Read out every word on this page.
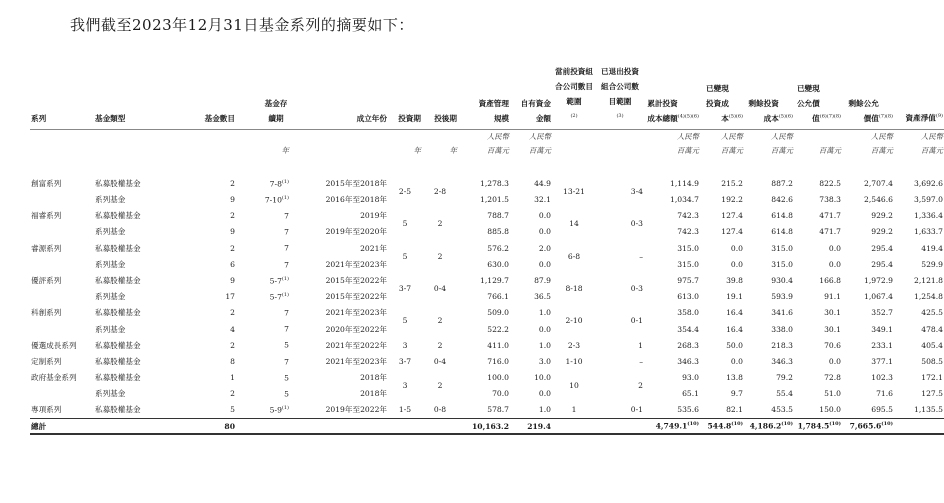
我們截至2023年12月31日基金系列的摘要如下：
系列	基金類型	基金數目	基金存續期	成立年份	投資期	投後期	資產管理規模	自有資金金額	當前投資組合公司數目範圍$^{(2)}$	已退出投資組合公司數目範圍$^{(3)}$	累計投資成本總額$^{(4)(5)(6)}$	已變現投資成本$^{(5)(6)}$	剩餘投資成本$^{(5)(6)}$	已變現公允價值$^{(6)(7)(8)}$	剩餘公允價值$^{(7)(8)}$	資產淨值$^{(9)}$
							人民幣	人民幣			人民幣	人民幣	人民幣		人民幣	人民幣
			年		年	年	百萬元	百萬元			百萬元	百萬元	百萬元	百萬元	百萬元	百萬元

創富系列	私募股權基金	2	7-8$^{(1)}$	2015年至2018年	2-5	2-8	1,278.3	44.9	13-21	3-4	1,114.9	215.2	887.2	822.5	2,707.4	3,692.6
	系列基金	9	7-10$^{(1)}$	2016年至2018年			1,201.5	32.1			1,034.7	192.2	842.6	738.3	2,546.6	3,597.0
福睿系列	私募股權基金	2	7	2019年	5	2	788.7	0.0	14	0-3	742.3	127.4	614.8	471.7	929.2	1,336.4
	系列基金	9	7	2019年至2020年			885.8	0.0			742.3	127.4	614.8	471.7	929.2	1,633.7
睿源系列	私募股權基金	2	7	2021年	5	2	576.2	2.0	6-8	–	315.0	0.0	315.0	0.0	295.4	419.4
	系列基金	6	7	2021年至2023年			630.0	0.0			315.0	0.0	315.0	0.0	295.4	529.9
優評系列	私募股權基金	9	5-7$^{(1)}$	2015年至2022年	3-7	0-4	1,129.7	87.9	8-18	0-3	975.7	39.8	930.4	166.8	1,972.9	2,121.8
	系列基金	17	5-7$^{(1)}$	2015年至2022年			766.1	36.5			613.0	19.1	593.9	91.1	1,067.4	1,254.8
科創系列	私募股權基金	2	7	2021年至2023年	5	2	509.0	1.0	2-10	0-1	358.0	16.4	341.6	30.1	352.7	425.5
	系列基金	4	7	2020年至2022年			522.2	0.0			354.4	16.4	338.0	30.1	349.1	478.4
優選成長系列	私募股權基金	2	5	2021年至2022年	3	2	411.0	1.0	2-3	1	268.3	50.0	218.3	70.6	233.1	405.4
定制系列	私募股權基金	8	7	2021年至2023年	3-7	0-4	716.0	3.0	1-10	–	346.3	0.0	346.3	0.0	377.1	508.5
政府基金系列	私募股權基金	1	5	2018年	3	2	100.0	10.0	10	2	93.0	13.8	79.2	72.8	102.3	172.1
	系列基金	2	5	2018年			70.0	0.0			65.1	9.7	55.4	51.0	71.6	127.5
專項系列	私募股權基金	5	5-9$^{(1)}$	2019年至2022年	1-5	0-8	578.7	1.0	1	0-1	535.6	82.1	453.5	150.0	695.5	1,135.5
總計		80					10,163.2	219.4			4,749.1$^{(10)}$	544.8$^{(10)}$	4,186.2$^{(10)}$	1,784.5$^{(10)}$	7,665.6$^{(10)}$	
